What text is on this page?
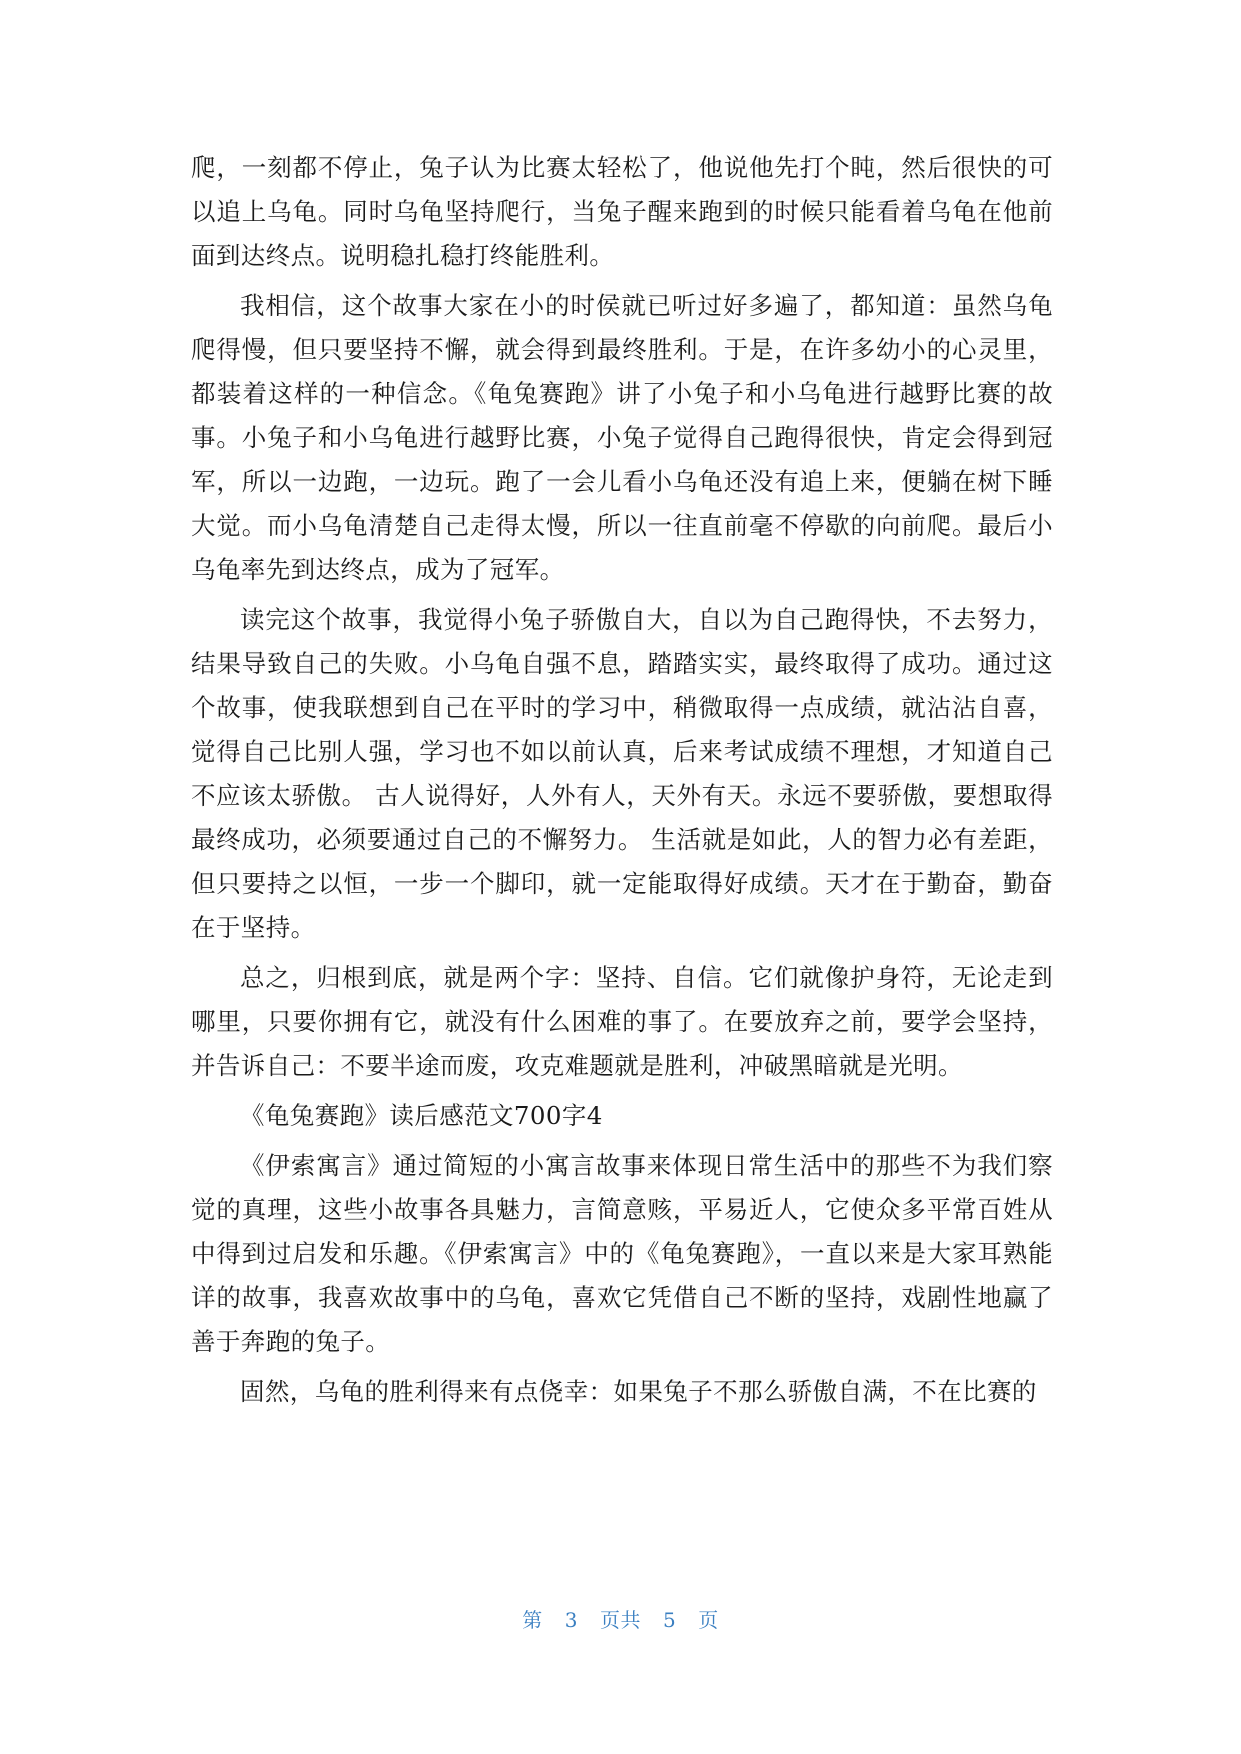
爬，一刻都不停止，兔子认为比赛太轻松了，他说他先打个盹，然后很快的可以追上乌龟。同时乌龟坚持爬行，当兔子醒来跑到的时候只能看着乌龟在他前面到达终点。说明稳扎稳打终能胜利。

我相信，这个故事大家在小的时侯就已听过好多遍了，都知道：虽然乌龟爬得慢，但只要坚持不懈，就会得到最终胜利。于是，在许多幼小的心灵里，都装着这样的一种信念。《龟兔赛跑》讲了小兔子和小乌龟进行越野比赛的故事。小兔子和小乌龟进行越野比赛，小兔子觉得自己跑得很快，肯定会得到冠军，所以一边跑，一边玩。跑了一会儿看小乌龟还没有追上来，便躺在树下睡大觉。而小乌龟清楚自己走得太慢，所以一往直前毫不停歇的向前爬。最后小乌龟率先到达终点，成为了冠军。

读完这个故事，我觉得小兔子骄傲自大，自以为自己跑得快，不去努力，结果导致自己的失败。小乌龟自强不息，踏踏实实，最终取得了成功。通过这个故事，使我联想到自己在平时的学习中，稍微取得一点成绩，就沾沾自喜，觉得自己比别人强，学习也不如以前认真，后来考试成绩不理想，才知道自己不应该太骄傲。 古人说得好，人外有人，天外有天。永远不要骄傲，要想取得最终成功，必须要通过自己的不懈努力。 生活就是如此，人的智力必有差距，但只要持之以恒，一步一个脚印，就一定能取得好成绩。天才在于勤奋，勤奋在于坚持。

总之，归根到底，就是两个字：坚持、自信。它们就像护身符，无论走到哪里，只要你拥有它，就没有什么困难的事了。在要放弃之前，要学会坚持，并告诉自己：不要半途而废，攻克难题就是胜利，冲破黑暗就是光明。

《龟兔赛跑》读后感范文700字4

《伊索寓言》通过简短的小寓言故事来体现日常生活中的那些不为我们察觉的真理，这些小故事各具魅力，言简意赅，平易近人，它使众多平常百姓从中得到过启发和乐趣。《伊索寓言》中的《龟兔赛跑》，一直以来是大家耳熟能详的故事，我喜欢故事中的乌龟，喜欢它凭借自己不断的坚持，戏剧性地赢了善于奔跑的兔子。

固然，乌龟的胜利得来有点侥幸：如果兔子不那么骄傲自满，不在比赛的

第 3 页共 5 页
